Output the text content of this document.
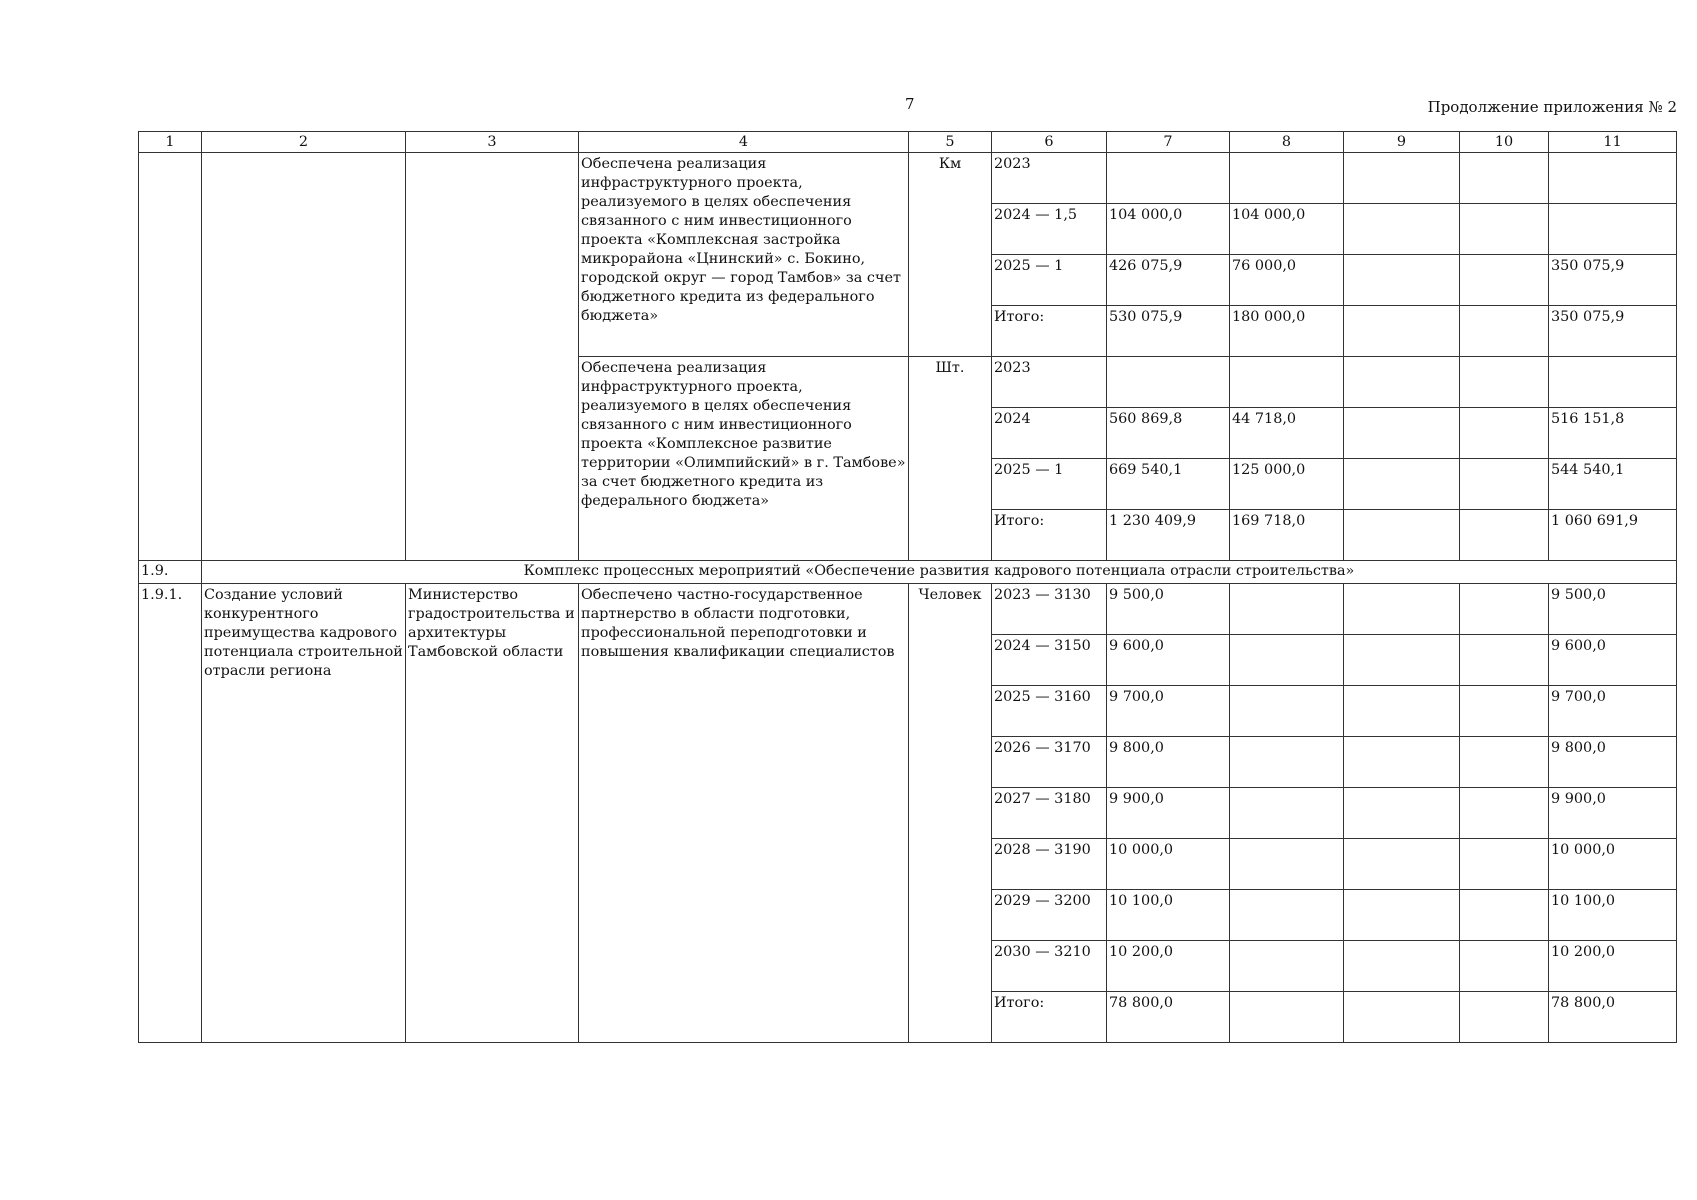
7	Продолжение приложения № 2
1	2	3	4	5	6	7	8	9	10	11
			Обеспечена реализация инфраструктурного проекта, реализуемого в целях обеспечения связанного с ним инвестиционного проекта «Комплексная застройка микрорайона «Цнинский» с. Бокино, городской округ — город Тамбов» за счет бюджетного кредита из федерального бюджета»	Км	2023					
					2024 — 1,5	104 000,0	104 000,0			
					2025 — 1	426 075,9	76 000,0			350 075,9
					Итого:	530 075,9	180 000,0			350 075,9
			Обеспечена реализация инфраструктурного проекта, реализуемого в целях обеспечения связанного с ним инвестиционного проекта «Комплексное развитие территории «Олимпийский» в г. Тамбове» за счет бюджетного кредита из федерального бюджета»	Шт.	2023					
					2024	560 869,8	44 718,0			516 151,8
					2025 — 1	669 540,1	125 000,0			544 540,1
					Итого:	1 230 409,9	169 718,0			1 060 691,9
1.9.	Комплекс процессных мероприятий «Обеспечение развития кадрового потенциала отрасли строительства»									
1.9.1.	Создание условий конкурентного преимущества кадрового потенциала строительной отрасли региона	Министерство градостроительства и архитектуры Тамбовской области	Обеспечено частно-государственное партнерство в области подготовки, профессиональной переподготовки и повышения квалификации специалистов	Человек	2023 — 3130	9 500,0				9 500,0
					2024 — 3150	9 600,0				9 600,0
					2025 — 3160	9 700,0				9 700,0
					2026 — 3170	9 800,0				9 800,0
					2027 — 3180	9 900,0				9 900,0
					2028 — 3190	10 000,0				10 000,0
					2029 — 3200	10 100,0				10 100,0
					2030 — 3210	10 200,0				10 200,0
					Итого:	78 800,0				78 800,0
